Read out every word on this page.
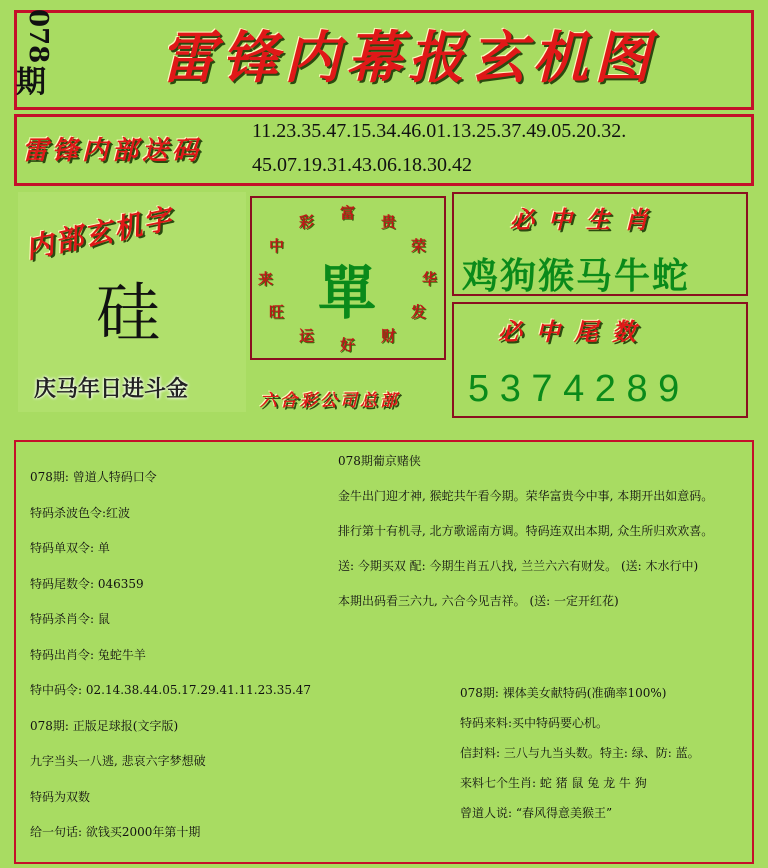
078
期	雷锋内幕报玄机图
雷锋内部送码
11.23.35.47.15.34.46.01.13.25.37.49.05.20.32.
45.07.19.31.43.06.18.30.42
内部玄机字
硅
庆马年日进斗金
富 贵
荣
华
发
财
好
运
旺
来
中
彩
單
六合彩公司总部
必中生肖
鸡狗猴马牛蛇
必中尾数
5 3 7 4 2 8 9
078期: 曾道人特码口令
特码杀波色令:红波
特码单双令: 单
特码尾数令: 046359
特码杀肖令: 鼠
特码出肖令: 兔蛇牛羊
特中码令: 02.14.38.44.05.17.29.41.11.23.35.47
078期: 正版足球报(文字版)
九字当头一八逃, 悲哀六字梦想破
特码为双数
给一句话: 欲钱买2000年第十期
078期葡京赌侠
金牛出门迎才神, 猴蛇共午看今期。荣华富贵今中事, 本期开出如意码。
排行第十有机寻, 北方歌谣南方调。特码连双出本期, 众生所归欢欢喜。
送: 今期买双 配: 今期生肖五八找, 兰兰六六有财发。 (送: 木水行中)
本期出码看三六九, 六合今见吉祥。 (送: 一定开红花)
078期: 裸体美女献特码(准确率100%)
特码来料:买中特码要心机。
信封料: 三八与九当头数。特主: 绿、防: 蓝。
来料七个生肖: 蛇 猪 鼠 兔 龙 牛 狗
曾道人说: “春风得意美猴王”
